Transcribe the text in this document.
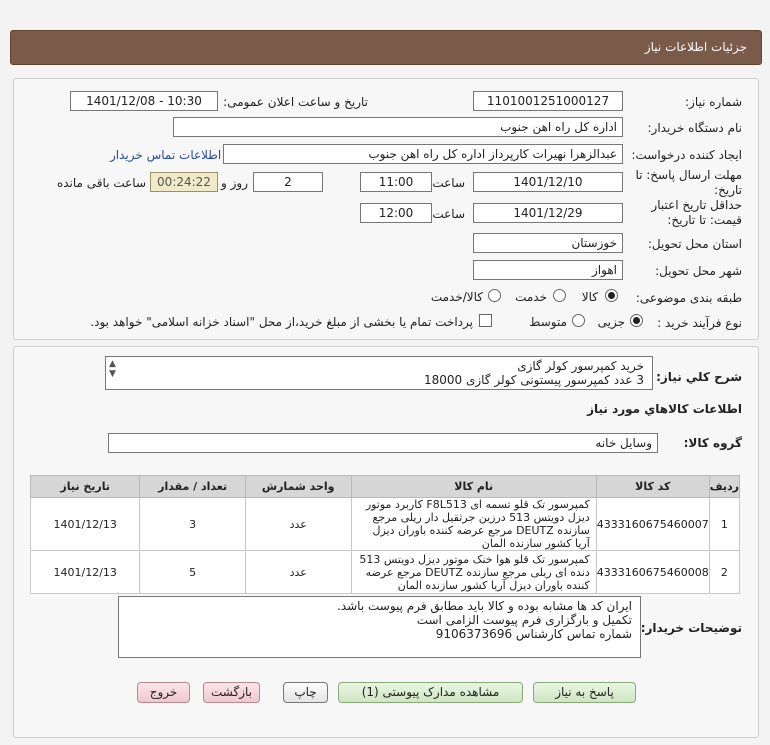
جزئیات اطلاعات نیاز
شماره نیاز:
1101001251000127
تاریخ و ساعت اعلان عمومی:
1401/12/08 - 10:30
نام دستگاه خریدار:
اداره کل راه اهن جنوب
ایجاد کننده درخواست:
عبدالزهرا نهیرات کارپرداز اداره کل راه اهن جنوب
اطلاعات تماس خریدار
مهلت ارسال پاسخ: تا
تاریخ:
1401/12/10
ساعت
11:00
2
روز و
00:24:22
ساعت باقی مانده
حداقل تاریخ اعتبار
قیمت: تا تاریخ:
1401/12/29
ساعت
12:00
استان محل تحویل:
خوزستان
شهر محل تحویل:
اهواز
طبقه بندی موضوعی:
کالا
خدمت
کالا/خدمت
نوع فرآیند خرید :
جزیی
متوسط
پرداخت تمام یا بخشی از مبلغ خرید،از محل "اسناد خزانه اسلامی" خواهد بود.
شرح کلي نياز:
▲
▼
خرید کمپرسور کولر گازی
3 عدد کمپرسور پیستونی کولر گازی 18000
اطلاعات کالاهاي مورد نياز
گروه کالا:
وسایل خانه
ردیف	کد کالا	نام کالا	واحد شمارش	تعداد / مقدار	تاریخ نیاز
1	4333160675460007	کمپرسور تک قلو تسمه ای F8L513 کاربرد موتور دیزل دویتس 513 درزین جرثقیل دار ریلی مرجع سازنده DEUTZ مرجع عرضه کننده باوران دیزل آریا کشور سازنده المان	عدد	3	1401/12/13
2	4333160675460008	کمپرسور تک قلو هوا خنک موتور دیزل دویتس 513 دنده ای ریلی مرجع سازنده DEUTZ مرجع عرضه کننده باوران دیزل آریا کشور سازنده المان	عدد	5	1401/12/13
توضیحات خریدار:
ایران کد ها مشابه بوده و کالا باید مطابق فرم پیوست باشد.
تکمیل و بارگزاری فرم پیوست الزامی است
شماره تماس کارشناس 9106373696
پاسخ به نیاز
مشاهده مدارک پیوستی (1)
چاپ
بازگشت
خروج
